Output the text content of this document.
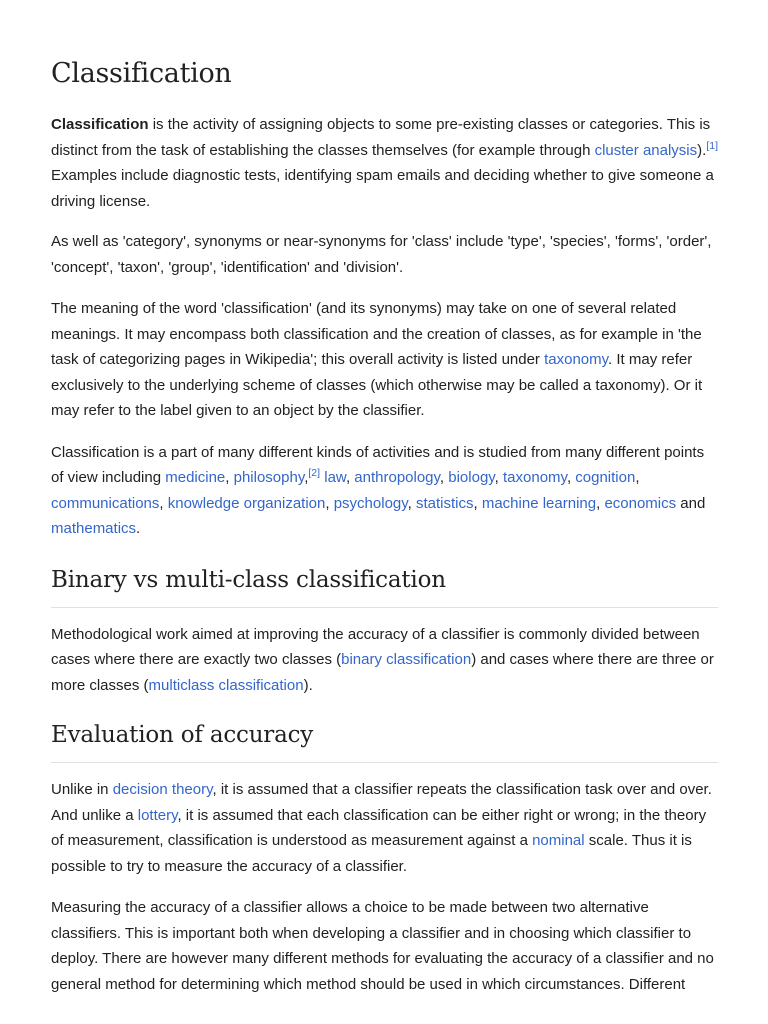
Classification

Classification is the activity of assigning objects to some pre-existing classes or categories. This is distinct from the task of establishing the classes themselves (for example through cluster analysis).[1] Examples include diagnostic tests, identifying spam emails and deciding whether to give someone a driving license.

As well as 'category', synonyms or near-synonyms for 'class' include 'type', 'species', 'forms', 'order', 'concept', 'taxon', 'group', 'identification' and 'division'.

The meaning of the word 'classification' (and its synonyms) may take on one of several related meanings. It may encompass both classification and the creation of classes, as for example in 'the task of categorizing pages in Wikipedia'; this overall activity is listed under taxonomy. It may refer exclusively to the underlying scheme of classes (which otherwise may be called a taxonomy). Or it may refer to the label given to an object by the classifier.

Classification is a part of many different kinds of activities and is studied from many different points of view including medicine, philosophy,[2] law, anthropology, biology, taxonomy, cognition, communications, knowledge organization, psychology, statistics, machine learning, economics and mathematics.

Binary vs multi-class classification

Methodological work aimed at improving the accuracy of a classifier is commonly divided between cases where there are exactly two classes (binary classification) and cases where there are three or more classes (multiclass classification).

Evaluation of accuracy

Unlike in decision theory, it is assumed that a classifier repeats the classification task over and over. And unlike a lottery, it is assumed that each classification can be either right or wrong; in the theory of measurement, classification is understood as measurement against a nominal scale. Thus it is possible to try to measure the accuracy of a classifier.

Measuring the accuracy of a classifier allows a choice to be made between two alternative classifiers. This is important both when developing a classifier and in choosing which classifier to deploy. There are however many different methods for evaluating the accuracy of a classifier and no general method for determining which method should be used in which circumstances. Different
